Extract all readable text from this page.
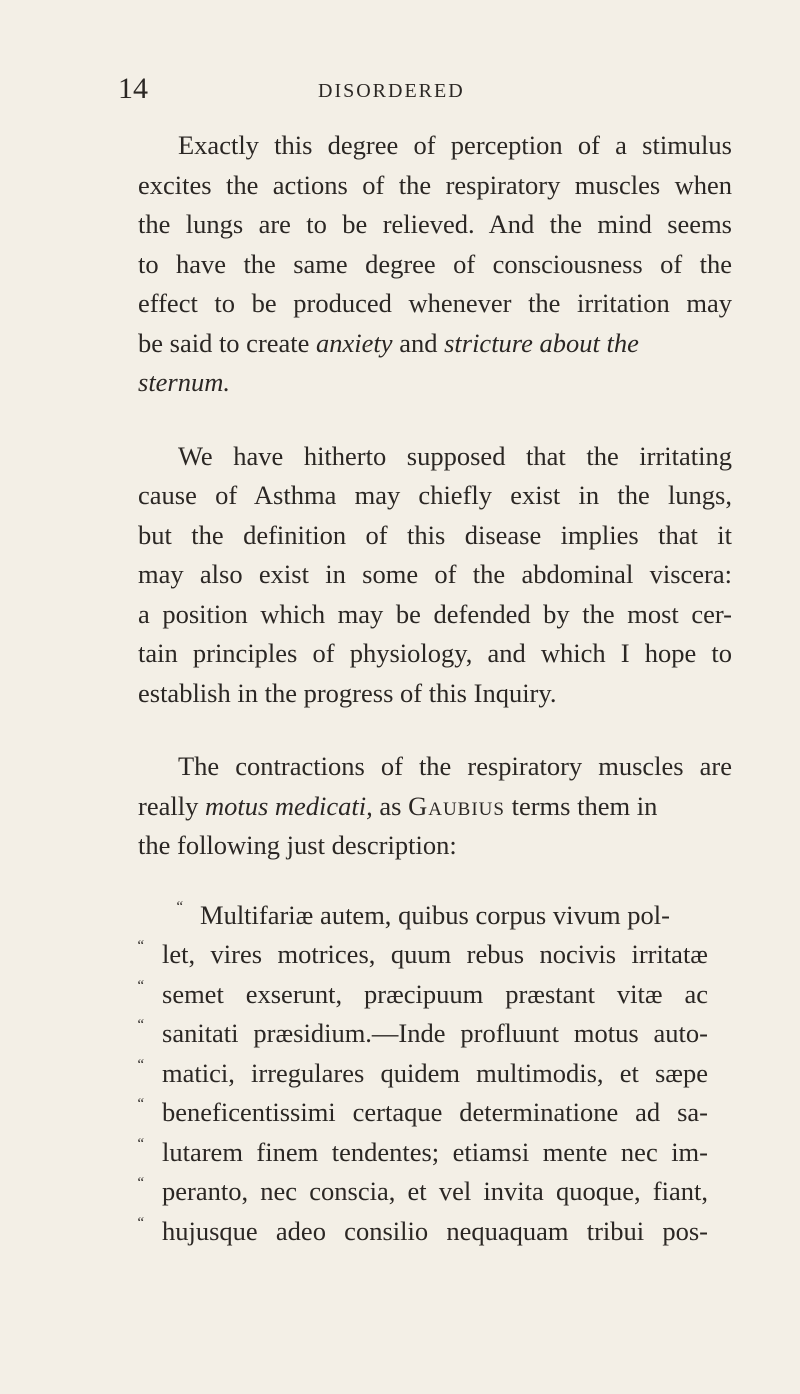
14	DISORDERED
Exactly this degree of perception of a stimulus
excites the actions of the respiratory muscles when
the lungs are to be relieved. And the mind seems
to have the same degree of consciousness of the
effect to be produced whenever the irritation may
be said to create anxiety and stricture about the
sternum.
We have hitherto supposed that the irritating
cause of Asthma may chiefly exist in the lungs,
but the definition of this disease implies that it
may also exist in some of the abdominal viscera:
a position which may be defended by the most cer-
tain principles of physiology, and which I hope to
establish in the progress of this Inquiry.
The contractions of the respiratory muscles are
really motus medicati, as Gaubius terms them in
the following just description:
“ Multifariæ autem, quibus corpus vivum pol-
“ let, vires motrices, quum rebus nocivis irritatæ
“ semet exserunt, præcipuum præstant vitæ ac
“ sanitati præsidium.—Inde profluunt motus auto-
“ matici, irregulares quidem multimodis, et sæpe
“ beneficentissimi certaque determinatione ad sa-
“ lutarem finem tendentes; etiamsi mente nec im-
“ peranto, nec conscia, et vel invita quoque, fiant,
“ hujusque adeo consilio nequaquam tribui pos-
